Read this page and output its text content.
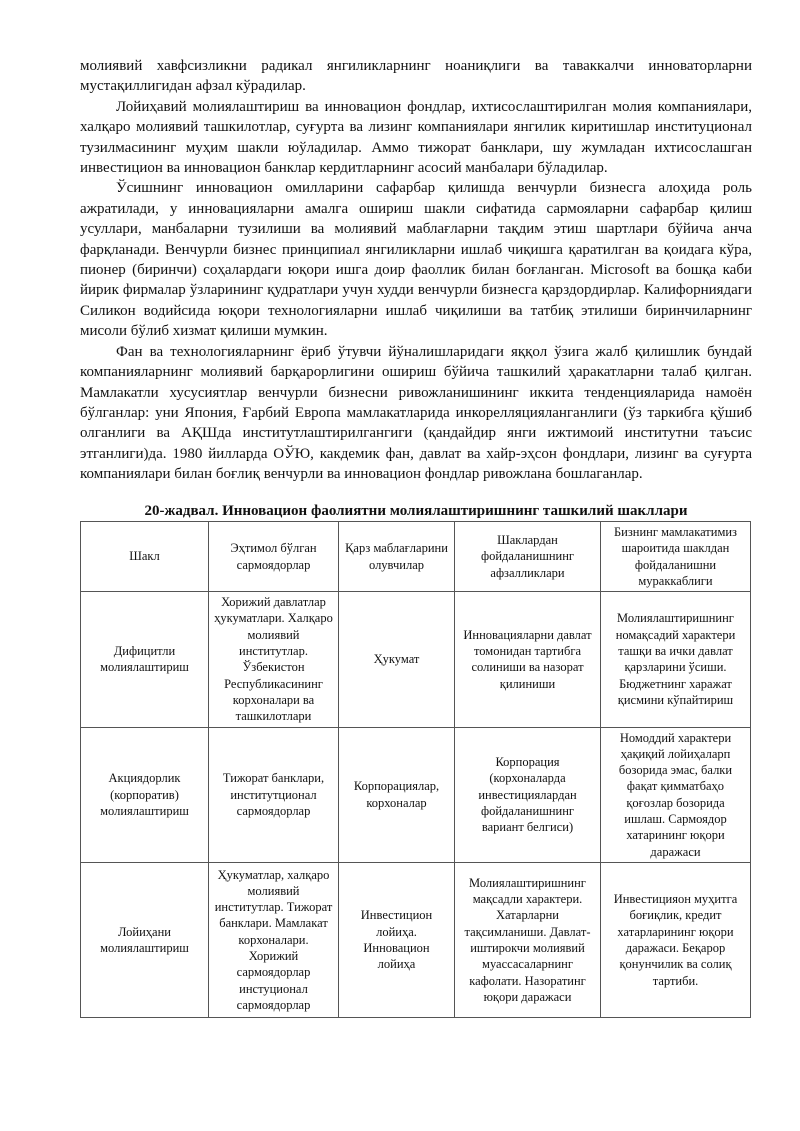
молиявий хавфсизликни радикал янгиликларнинг ноаниқлиги ва таваккалчи инноваторларни мустақиллигидан афзал кўрадилар.

Лойиҳавий молиялаштириш ва инновацион фондлар, ихтисослаштирилган молия компаниялари, халқаро молиявий ташкилотлар, суғурта ва лизинг компаниялари янгилик киритишлар институционал тузилмасининг муҳим шакли юўладилар. Аммо тижорат банклари, шу жумладан ихтисослашган инвестицион ва инновацион банклар кердитларнинг асосий манбалари бўладилар.

Ўсишнинг инновацион омилларини сафарбар қилишда венчурли бизнесга алоҳида роль ажратилади, у инновацияларни амалга ошириш шакли сифатида сармояларни сафарбар қилиш усуллари, манбаларни тузилиши ва молиявий маблағларни тақдим этиш шартлари бўйича анча фарқланади. Венчурли бизнес принципиал янгиликларни ишлаб чиқишга қаратилган ва қоидага кўра, пионер (биринчи) соҳалардаги юқори ишга доир фаоллик билан боғланган. Microsoft ва бошқа каби йирик фирмалар ўзларининг қудратлари учун худди венчурли бизнесга қарздордирлар. Калифорниядаги Силикон водийсида юқори технологияларни ишлаб чиқилиши ва татбиқ этилиши биринчиларнинг мисоли бўлиб хизмат қилиши мумкин.

Фан ва технологияларнинг ёриб ўтувчи йўналишларидаги яққол ўзига жалб қилишлик бундай компанияларнинг молиявий барқарорлигини ошириш бўйича ташкилий ҳаракатларни талаб қилган. Мамлакатли хусусиятлар венчурли бизнесни ривожланишининг иккита тенденцияларида намоён бўлганлар: уни Япония, Ғарбий Европа мамлакатларида инкорелляцияланганлиги (ўз таркибга қўшиб олганлиги ва АҚШда институтлаштирилгангиги (қандайдир янги ижтимоий институтни таъсис этганлиги)да. 1980 йилларда ОЎЮ, какдемик фан, давлат ва хайр-эҳсон фондлари, лизинг ва суғурта компаниялари билан боғлиқ венчурли ва инновацион фондлар ривожлана бошлаганлар.

20-жадвал. Инновацион фаолиятни молиялаштиришнинг ташкилий шакллари
Шакл	Эҳтимол бўлган сармоядорлар	Қарз маблағларини олувчилар	Шаклардан фойдаланишнинг афзалликлари	Бизнинг мамлакатимиз шароитида шаклдан фойдаланишни мураккаблиги
Дифицитли молиялаштириш	Хорижий давлатлар ҳукуматлари. Халқаро молиявий институтлар. Ўзбекистон Республикасининг корхоналари ва ташкилотлари	Ҳукумат	Инновацияларни давлат томонидан тартибга солиниши ва назорат қилиниши	Молиялаштиришнинг номақсадий характери ташқи ва ички давлат қарзларини ўсиши. Бюджетнинг харажат қисмини кўпайтириш
Акциядорлик (корпоратив) молиялаштириш	Тижорат банклари, институтционал сармоядорлар	Корпорациялар, корхоналар	Корпорация (корхоналарда инвестициялардан фойдаланишнинг вариант белгиси)	Номоддий характери ҳақиқий лойиҳаларп бозорида эмас, балки фақат қимматбаҳо қоғозлар бозорида ишлаш. Сармоядор хатарининг юқори даражаси
Лойиҳани молиялаштириш	Ҳукуматлар, халқаро молиявий институтлар. Тижорат банклари. Мамлакат корхоналари. Хорижий сармоядорлар инстуционал сармоядорлар	Инвестицион лойиҳа. Инновацион лойиҳа	Молиялаштиришнинг мақсадли характери. Хатарларни тақсимланиши. Давлат-иштирокчи молиявий муассасаларнинг кафолати. Назоратинг юқори даражаси	Инвестицияон муҳитга боғиқлик, кредит хатарларининг юқори даражаси. Беқарор қонунчилик ва солиқ тартиби.
